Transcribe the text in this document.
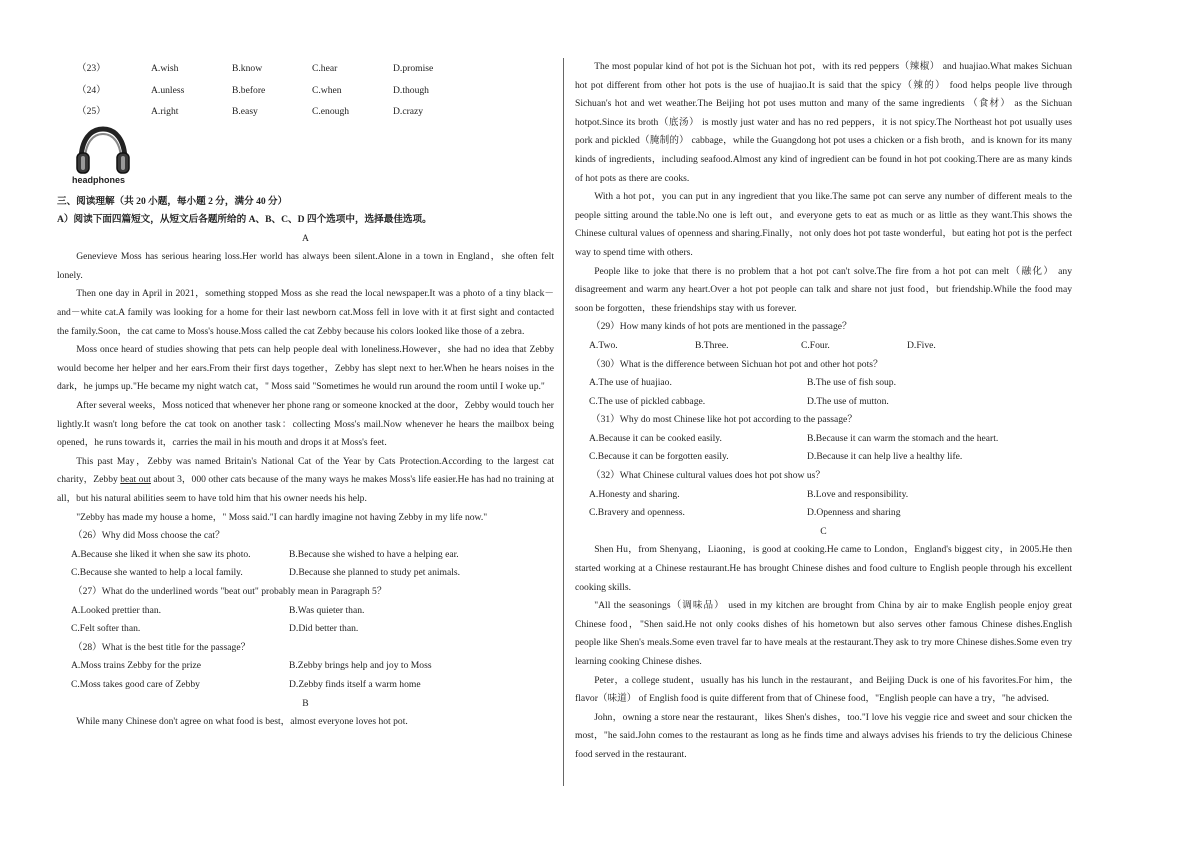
（23）	A.wish	B.know	C.hear	D.promise
（24）	A.unless	B.before	C.when	D.though
（25）	A.right	B.easy	C.enough	D.crazy
headphones
三、阅读理解（共 20 小题，每小题 2 分，满分 40 分）
A）阅读下面四篇短文，从短文后各题所给的 A、B、C、D 四个选项中，选择最佳选项。
A

Genevieve Moss has serious hearing loss.Her world has always been silent.Alone in a town in England，she often felt lonely.

Then one day in April in 2021，something stopped Moss as she read the local newspaper.It was a photo of a tiny black－and－white cat.A family was looking for a home for their last newborn cat.Moss fell in love with it at first sight and contacted the family.Soon，the cat came to Moss's house.Moss called the cat Zebby because his colors looked like those of a zebra.

Moss once heard of studies showing that pets can help people deal with loneliness.However，she had no idea that Zebby would become her helper and her ears.From their first days together，Zebby has slept next to her.When he hears noises in the dark，he jumps up."He became my night watch cat，" Moss said "Sometimes he would run around the room until I woke up."

After several weeks，Moss noticed that whenever her phone rang or someone knocked at the door，Zebby would touch her lightly.It wasn't long before the cat took on another task：collecting Moss's mail.Now whenever he hears the mailbox being opened，he runs towards it，carries the mail in his mouth and drops it at Moss's feet.

This past May，Zebby was named Britain's National Cat of the Year by Cats Protection.According to the largest cat charity，Zebby beat out about 3，000 other cats because of the many ways he makes Moss's life easier.He has had no training at all，but his natural abilities seem to have told him that his owner needs his help.

"Zebby has made my house a home，" Moss said."I can hardly imagine not having Zebby in my life now."

（26）Why did Moss choose the cat？
A.Because she liked it when she saw its photo.	B.Because she wished to have a helping ear.
C.Because she wanted to help a local family.	D.Because she planned to study pet animals.
（27）What do the underlined words "beat out" probably mean in Paragraph 5？
A.Looked prettier than.	B.Was quieter than.
C.Felt softer than.	D.Did better than.
（28）What is the best title for the passage？
A.Moss trains Zebby for the prize	B.Zebby brings help and joy to Moss
C.Moss takes good care of Zebby	D.Zebby finds itself a warm home
B

While many Chinese don't agree on what food is best，almost everyone loves hot pot.

The most popular kind of hot pot is the Sichuan hot pot，with its red peppers（辣椒） and huajiao.What makes Sichuan hot pot different from other hot pots is the use of huajiao.It is said that the spicy（辣的） food helps people live through Sichuan's hot and wet weather.The Beijing hot pot uses mutton and many of the same ingredients （食材） as the Sichuan hotpot.Since its broth（底汤） is mostly just water and has no red peppers，it is not spicy.The Northeast hot pot usually uses pork and pickled（腌制的） cabbage，while the Guangdong hot pot uses a chicken or a fish broth，and is known for its many kinds of ingredients，including seafood.Almost any kind of ingredient can be found in hot pot cooking.There are as many kinds of hot pots as there are cooks.

With a hot pot，you can put in any ingredient that you like.The same pot can serve any number of different meals to the people sitting around the table.No one is left out，and everyone gets to eat as much or as little as they want.This shows the Chinese cultural values of openness and sharing.Finally，not only does hot pot taste wonderful，but eating hot pot is the perfect way to spend time with others.

People like to joke that there is no problem that a hot pot can't solve.The fire from a hot pot can melt（融化） any disagreement and warm any heart.Over a hot pot people can talk and share not just food，but friendship.While the food may soon be forgotten，these friendships stay with us forever.

（29）How many kinds of hot pots are mentioned in the passage？
A.Two.	B.Three.	C.Four.	D.Five.
（30）What is the difference between Sichuan hot pot and other hot pots？
A.The use of huajiao.	B.The use of fish soup.
C.The use of pickled cabbage.	D.The use of mutton.
（31）Why do most Chinese like hot pot according to the passage？
A.Because it can be cooked easily.	B.Because it can warm the stomach and the heart.
C.Because it can be forgotten easily.	D.Because it can help live a healthy life.
（32）What Chinese cultural values does hot pot show us？
A.Honesty and sharing.	B.Love and responsibility.
C.Bravery and openness.	D.Openness and sharing
C

Shen Hu，from Shenyang，Liaoning，is good at cooking.He came to London，England's biggest city，in 2005.He then started working at a Chinese restaurant.He has brought Chinese dishes and food culture to English people through his excellent cooking skills.

"All the seasonings（调味品） used in my kitchen are brought from China by air to make English people enjoy great Chinese food，"Shen said.He not only cooks dishes of his hometown but also serves other famous Chinese dishes.English people like Shen's meals.Some even travel far to have meals at the restaurant.They ask to try more Chinese dishes.Some even try learning cooking Chinese dishes.

Peter，a college student，usually has his lunch in the restaurant，and Beijing Duck is one of his favorites.For him，the flavor（味道） of English food is quite different from that of Chinese food，"English people can have a try，"he advised.

John，owning a store near the restaurant，likes Shen's dishes，too."I love his veggie rice and sweet and sour chicken the most，"he said.John comes to the restaurant as long as he finds time and always advises his friends to try the delicious Chinese food served in the restaurant.
